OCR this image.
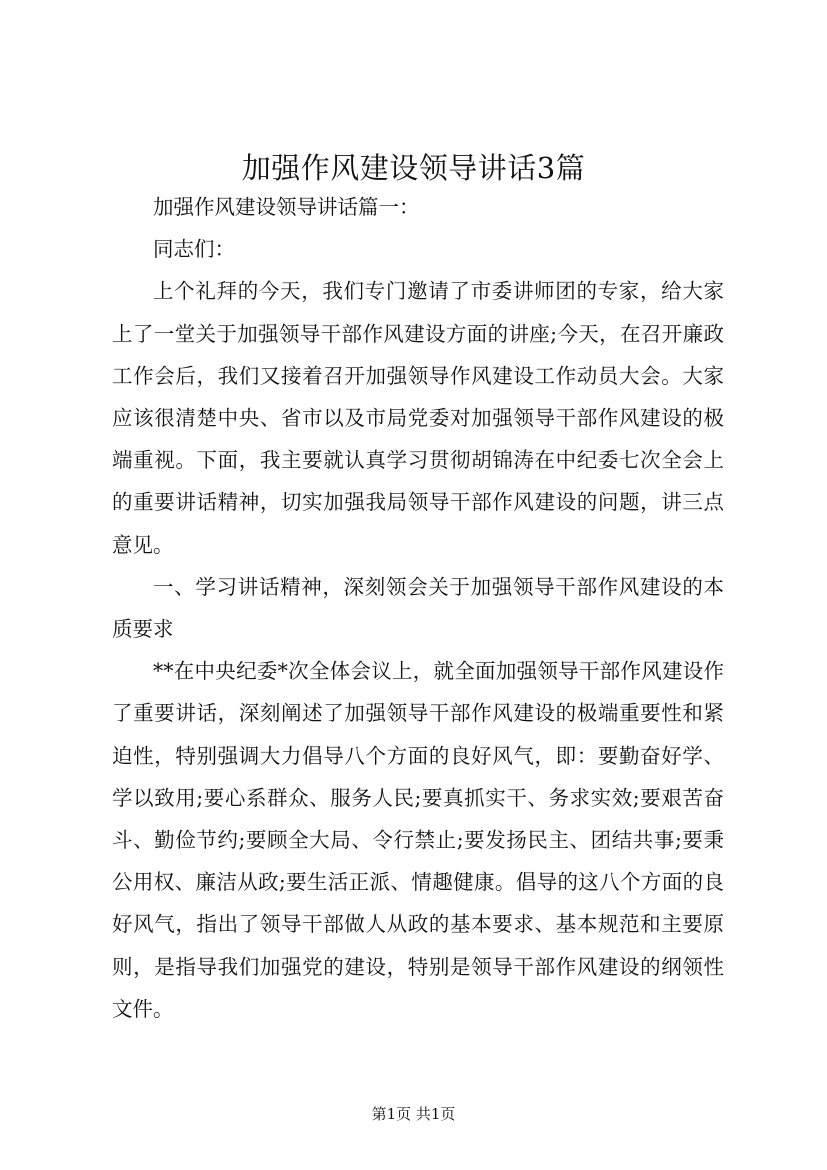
加强作风建设领导讲话3篇

加强作风建设领导讲话篇一：

同志们：

上个礼拜的今天，我们专门邀请了市委讲师团的专家，给大家上了一堂关于加强领导干部作风建设方面的讲座;今天，在召开廉政工作会后，我们又接着召开加强领导作风建设工作动员大会。大家应该很清楚中央、省市以及市局党委对加强领导干部作风建设的极端重视。下面，我主要就认真学习贯彻胡锦涛在中纪委七次全会上的重要讲话精神，切实加强我局领导干部作风建设的问题，讲三点意见。

一、学习讲话精神，深刻领会关于加强领导干部作风建设的本质要求

**在中央纪委*次全体会议上，就全面加强领导干部作风建设作了重要讲话，深刻阐述了加强领导干部作风建设的极端重要性和紧迫性，特别强调大力倡导八个方面的良好风气，即：要勤奋好学、学以致用;要心系群众、服务人民;要真抓实干、务求实效;要艰苦奋斗、勤俭节约;要顾全大局、令行禁止;要发扬民主、团结共事;要秉公用权、廉洁从政;要生活正派、情趣健康。倡导的这八个方面的良好风气，指出了领导干部做人从政的基本要求、基本规范和主要原则，是指导我们加强党的建设，特别是领导干部作风建设的纲领性文件。

第1页 共1页
